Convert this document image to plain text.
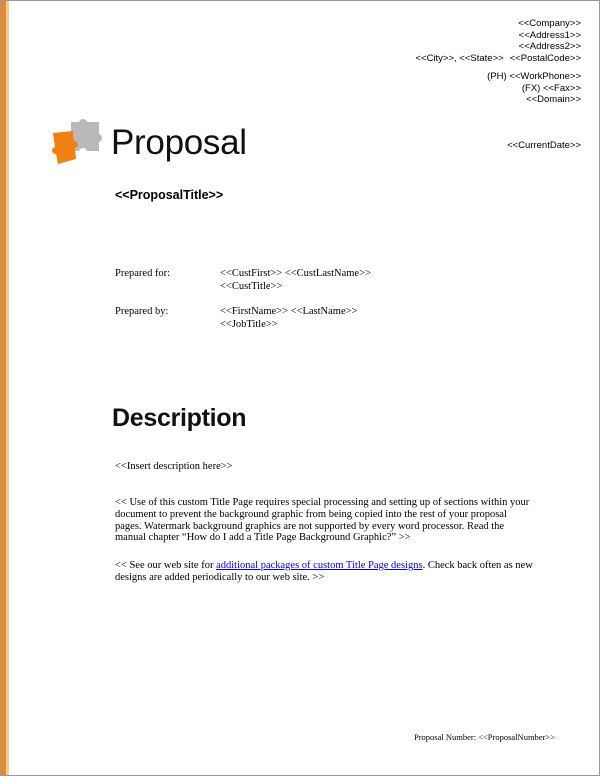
<<Company>>
<<Address1>>
<<Address2>>
<<City>>, <<State>> <<PostalCode>>
(PH) <<WorkPhone>>
(FX) <<Fax>>
<<Domain>>
Proposal	<<CurrentDate>>
<<ProposalTitle>>
Prepared for:	<<CustFirst>> <<CustLastName>>
<<CustTitle>>
Prepared by:	<<FirstName>> <<LastName>>
<<JobTitle>>
Description
<<Insert description here>>

<< Use of this custom Title Page requires special processing and setting up of sections within your document to prevent the background graphic from being copied into the rest of your proposal pages. Watermark background graphics are not supported by every word processor. Read the manual chapter “How do I add a Title Page Background Graphic?” >>

<< See our web site for additional packages of custom Title Page designs. Check back often as new designs are added periodically to our web site. >>

Proposal Number: <<ProposalNumber>>
